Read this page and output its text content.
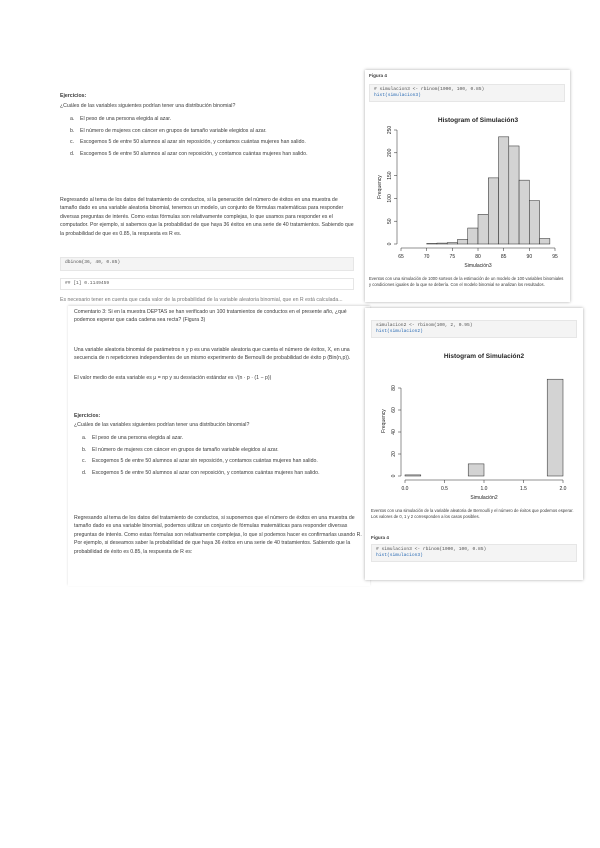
Ejercicios:
¿Cuáles de las variables siguientes podrían tener una distribución binomial?
a. El peso de una persona elegida al azar.
b. El número de mujeres con cáncer en grupos de tamaño variable elegidos al azar.
c. Escogemos 5 de entre 50 alumnos al azar sin reposición, y contamos cuántas mujeres han salido.
d. Escogemos 5 de entre 50 alumnos al azar con reposición, y contamos cuántas mujeres han salido.
Regresando al tema de los datos del tratamiento de conductos, si la generación del número de éxitos en una muestra de tamaño dado es una variable aleatoria binomial, tenemos un modelo, un conjunto de fórmulas matemáticas para responder diversas preguntas de interés. Como estas fórmulas son relativamente complejas, lo que usamos para responder es el computador. Por ejemplo, si sabemos que la probabilidad de que haya 36 éxitos en una serie de 40 tratamientos. Sabiendo que la probabilidad de que es 0.85, la respuesta es R es.
dbinom(36, 40, 0.85)
## [1] 0.1149459
Es necesario tener en cuenta que cada valor de la probabilidad de la variable aleatoria binomial, que en R está calculada...
Figura 4
# simulacion3 <- rbinom(1000, 100, 0.85)
hist(simulacion3)
Histogram of Simulación3
65	70	75	80	85	90	95
Simulación3
0
50
100
150
200
250
Frequency
Eventos con una simulación de 1000 sorteos de la estimación de un modelo de 100 variables binomiales y condiciones iguales de la que se debería. Con el modelo binomial se analizan los resultados.
Comentario 3: Si en la muestra DEPTAS se han verificado un 100 tratamientos de conductos en el presente año, ¿qué podemos esperar que cada cadena sea recta? (Figura 3)
Una variable aleatoria binomial de parámetros n y p es una variable aleatoria que cuenta el número de éxitos, X, en una secuencia de n repeticiones independientes de un mismo experimento de Bernoulli de probabilidad de éxito p (Bin(n,p)).
El valor medio de esta variable es μ = np y su desviación estándar es √(n · p · (1 − p))
Ejercicios:
¿Cuáles de las variables siguientes podrían tener una distribución binomial?
a. El peso de una persona elegida al azar.
b. El número de mujeres con cáncer en grupos de tamaño variable elegidos al azar.
c. Escogemos 5 de entre 50 alumnos al azar sin reposición, y contamos cuántas mujeres han salido.
d. Escogemos 5 de entre 50 alumnos al azar con reposición, y contamos cuántas mujeres han salido.
Regresando al tema de los datos del tratamiento de conductos, si suponemos que el número de éxitos en una muestra de tamaño dado es una variable binomial, podemos utilizar un conjunto de fórmulas matemáticas para responder diversas preguntas de interés. Como estas fórmulas son relativamente complejas, lo que sí podemos hacer es confirmarlas usando R. Por ejemplo, si deseamos saber la probabilidad de que haya 36 éxitos en una serie de 40 tratamientos. Sabiendo que la probabilidad de éxito es 0.85, la respuesta de R es:
simulacion2 <- rbinom(100, 2, 0.95)
hist(simulacion2)
Histogram of Simulación2
0.0	0.5	1.0	1.5	2.0
Simulación2
0
20
40
60
80
Frequency
Eventos con una simulación de la variable aleatoria de Bernoulli y el número de éxitos que podemos esperar. Los valores de 0, 1 y 2 corresponden a los casos posibles.
Figura 4
# simulacion3 <- rbinom(1000, 100, 0.85)
hist(simulacion3)
